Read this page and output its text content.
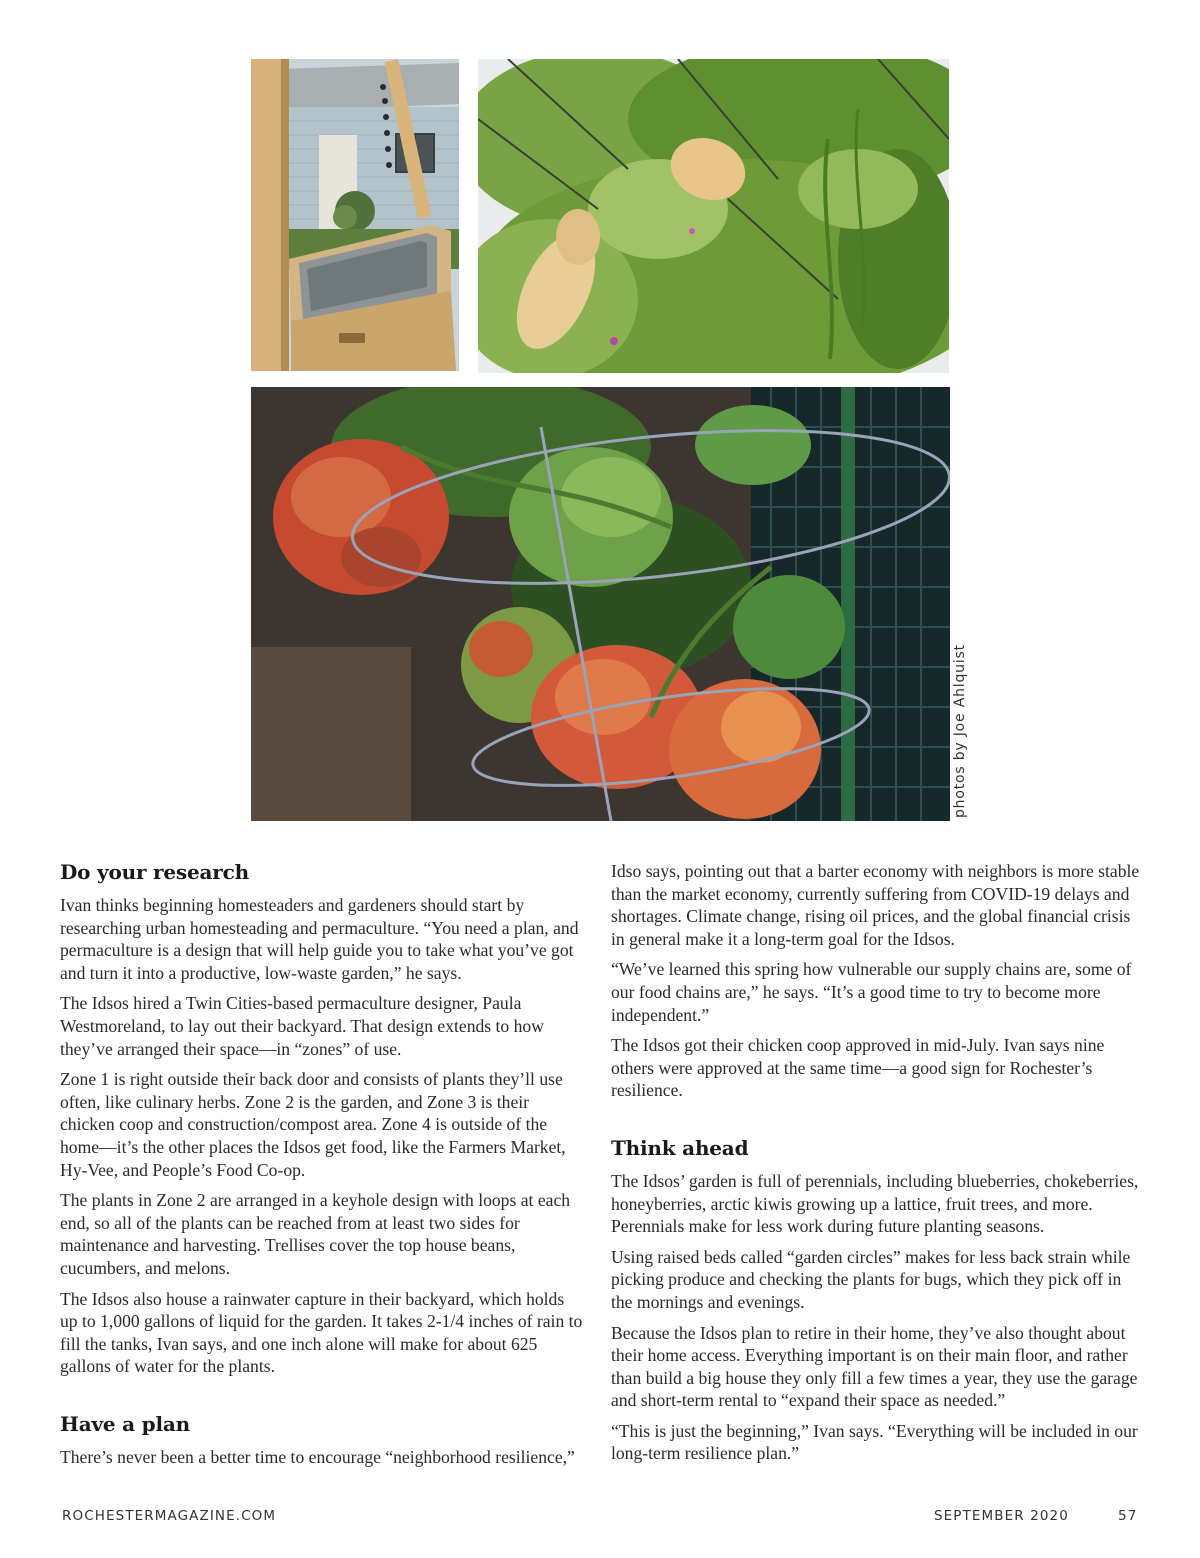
photos by Joe Ahlquist
Do your research

Ivan thinks beginning homesteaders and gardeners should start by researching urban homesteading and permaculture. “You need a plan, and permaculture is a design that will help guide you to take what you’ve got and turn it into a productive, low-waste garden,” he says.

The Idsos hired a Twin Cities-based permaculture designer, Paula Westmoreland, to lay out their backyard. That design extends to how they’ve arranged their space—in “zones” of use.

Zone 1 is right outside their back door and consists of plants they’ll use often, like culinary herbs. Zone 2 is the garden, and Zone 3 is their chicken coop and construction/compost area. Zone 4 is outside of the home—it’s the other places the Idsos get food, like the Farmers Market, Hy-Vee, and People’s Food Co-op.

The plants in Zone 2 are arranged in a keyhole design with loops at each end, so all of the plants can be reached from at least two sides for maintenance and harvesting. Trellises cover the top house beans, cucumbers, and melons.

The Idsos also house a rainwater capture in their backyard, which holds up to 1,000 gallons of liquid for the garden. It takes 2-1/4 inches of rain to fill the tanks, Ivan says, and one inch alone will make for about 625 gallons of water for the plants.

Have a plan

There’s never been a better time to encourage “neighborhood resilience,”

Idso says, pointing out that a barter economy with neighbors is more stable than the market economy, currently suffering from COVID-19 delays and shortages. Climate change, rising oil prices, and the global financial crisis in general make it a long-term goal for the Idsos.

“We’ve learned this spring how vulnerable our supply chains are, some of our food chains are,” he says. “It’s a good time to try to become more independent.”

The Idsos got their chicken coop approved in mid-July. Ivan says nine others were approved at the same time—a good sign for Rochester’s resilience.

Think ahead

The Idsos’ garden is full of perennials, including blueberries, chokeberries, honeyberries, arctic kiwis growing up a lattice, fruit trees, and more. Perennials make for less work during future planting seasons.

Using raised beds called “garden circles” makes for less back strain while picking produce and checking the plants for bugs, which they pick off in the mornings and evenings.

Because the Idsos plan to retire in their home, they’ve also thought about their home access. Everything important is on their main floor, and rather than build a big house they only fill a few times a year, they use the garage and short-term rental to “expand their space as needed.”

“This is just the beginning,” Ivan says. “Everything will be included in our long-term resilience plan.”

ROCHESTERMAGAZINE.COM	SEPTEMBER 2020	57
